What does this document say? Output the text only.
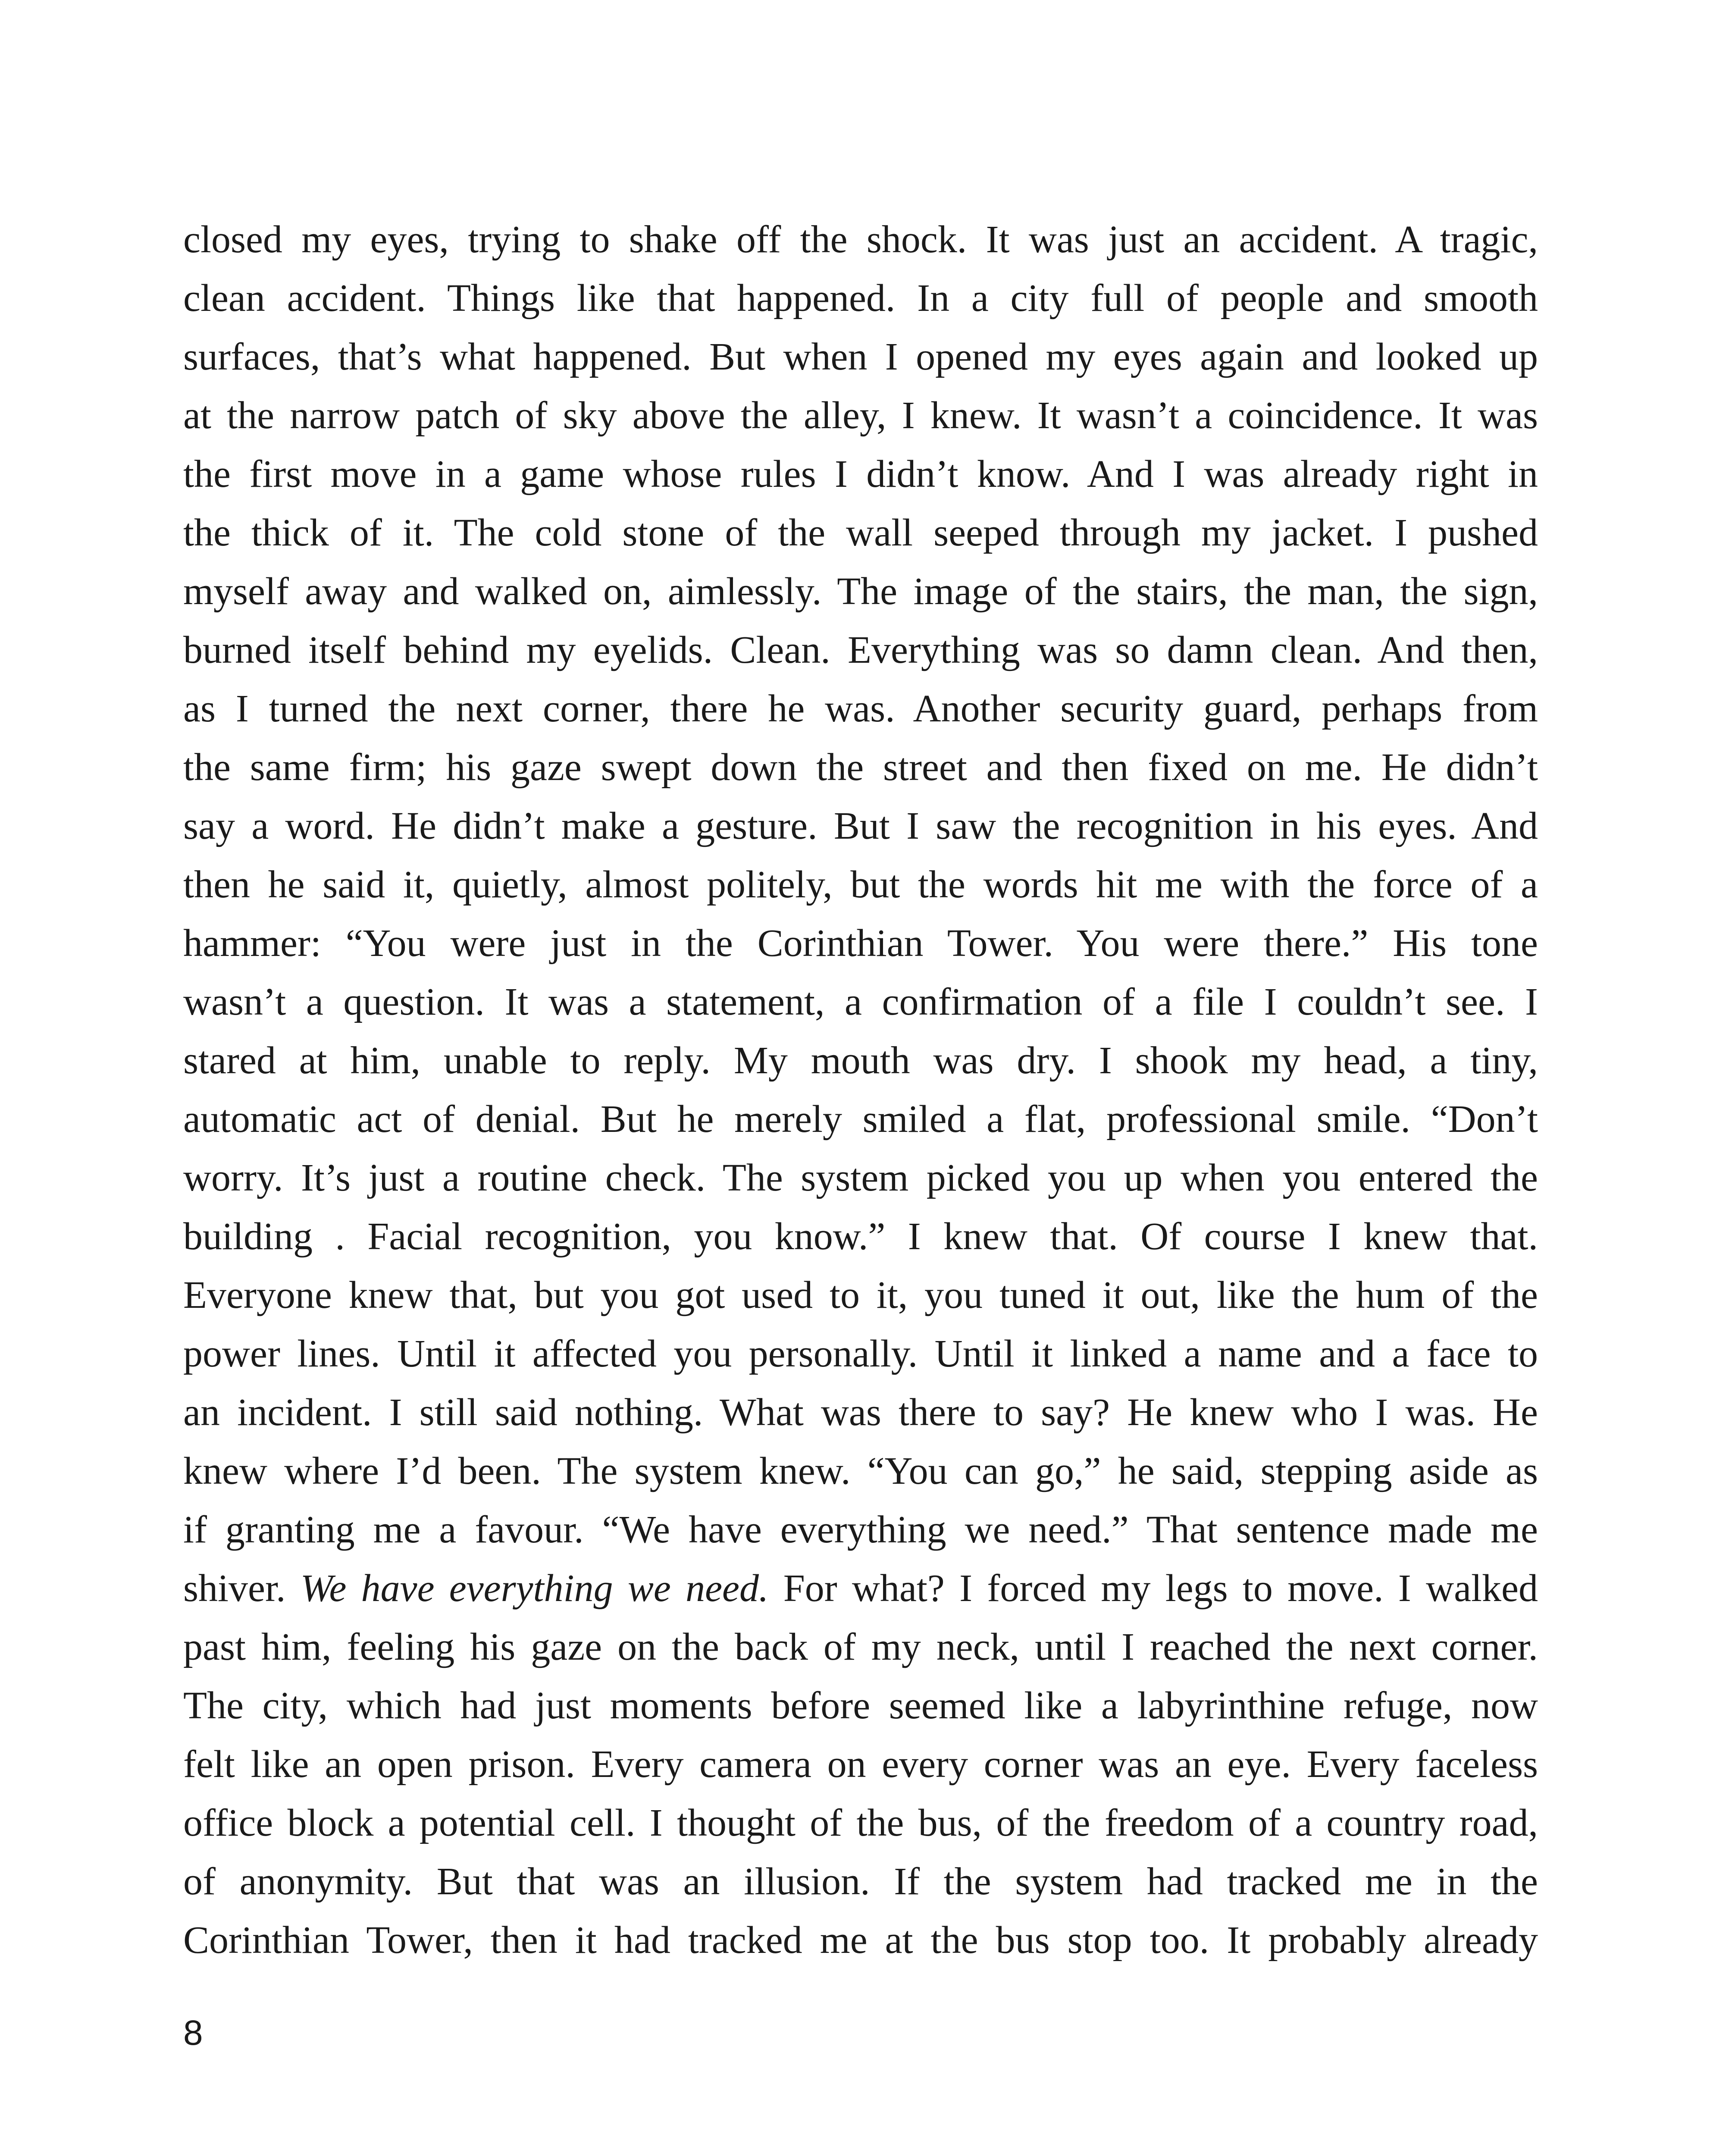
closed my eyes, trying to shake off the shock. It was just an accident. A tragic,
clean accident. Things like that happened. In a city full of people and smooth
surfaces, that’s what happened. But when I opened my eyes again and looked up
at the narrow patch of sky above the alley, I knew. It wasn’t a coincidence. It was
the first move in a game whose rules I didn’t know. And I was already right in
the thick of it. The cold stone of the wall seeped through my jacket. I pushed
myself away and walked on, aimlessly. The image of the stairs, the man, the sign,
burned itself behind my eyelids. Clean. Everything was so damn clean. And then,
as I turned the next corner, there he was. Another security guard, perhaps from
the same firm; his gaze swept down the street and then fixed on me. He didn’t
say a word. He didn’t make a gesture. But I saw the recognition in his eyes. And
then he said it, quietly, almost politely, but the words hit me with the force of a
hammer: “You were just in the Corinthian Tower. You were there.” His tone
wasn’t a question. It was a statement, a confirmation of a file I couldn’t see. I
stared at him, unable to reply. My mouth was dry. I shook my head, a tiny,
automatic act of denial. But he merely smiled a flat, professional smile. “Don’t
worry. It’s just a routine check. The system picked you up when you entered the
building . Facial recognition, you know.” I knew that. Of course I knew that.
Everyone knew that, but you got used to it, you tuned it out, like the hum of the
power lines. Until it affected you personally. Until it linked a name and a face to
an incident. I still said nothing. What was there to say? He knew who I was. He
knew where I’d been. The system knew. “You can go,” he said, stepping aside as
if granting me a favour. “We have everything we need.” That sentence made me
shiver. We have everything we need. For what? I forced my legs to move. I walked
past him, feeling his gaze on the back of my neck, until I reached the next corner.
The city, which had just moments before seemed like a labyrinthine refuge, now
felt like an open prison. Every camera on every corner was an eye. Every faceless
office block a potential cell. I thought of the bus, of the freedom of a country road,
of anonymity. But that was an illusion. If the system had tracked me in the
Corinthian Tower, then it had tracked me at the bus stop too. It probably already
8
